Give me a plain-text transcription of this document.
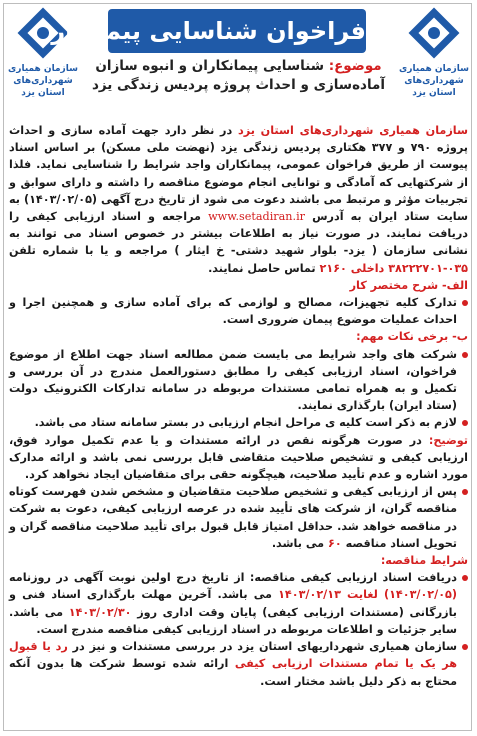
سازمان همیاری
شهرداری‌های
استان یزد
سازمان همیاری
شهرداری‌های
استان یزد
فراخوان شناسایی پیمانکار
موضوع: شناسایی پیمانکاران و انبوه سازان
آماده‌سازی و احداث پروژه پردیس زندگی یزد

سازمان همیاری شهرداری‌های استان یزد در نظر دارد جهت آماده سازی و احداث پروژه ۷۹۰ و ۳۷۷ هکتاری پردیس زندگی یزد (نهضت ملی مسکن) بر اساس اسناد پیوست از طریق فراخوان عمومی، پیمانکاران واجد شرایط را شناسایی نماید. فلذا از شرکتهایی که آمادگی و توانایی انجام موضوع مناقصه را داشته و دارای سوابق و تجربیات مؤثر و مرتبط می باشند دعوت می شود از تاریخ درج آگهی (۱۴۰۳/۰۲/۰۵) به سایت ستاد ایران به آدرس www.setadiran.ir مراجعه و اسناد ارزیابی کیفی را دریافت نمایند. در صورت نیاز به اطلاعات بیشتر در خصوص اسناد می توانند به نشانی سازمان ( یزد- بلوار شهید دشتی- خ ایثار ) مراجعه و یا با شماره تلفن ۰۳۵-۳۸۲۲۲۷۰۱ داخلی ۲۱۶۰ تماس حاصل نمایند.

الف- شرح مختصر کار

تدارک کلیه تجهیزات، مصالح و لوازمی که برای آماده سازی و همچنین اجرا و احداث عملیات موضوع پیمان ضروری است.

ب- برخی نکات مهم:

شرکت های واجد شرایط می بایست ضمن مطالعه اسناد جهت اطلاع از موضوع فراخوان، اسناد ارزیابی کیفی را مطابق دستورالعمل مندرج در آن بررسی و تکمیل و به همراه تمامی مستندات مربوطه در سامانه تدارکات الکترونیک دولت (ستاد ایران) بارگذاری نمایند.

لازم به ذکر است کلیه ی مراحل انجام ارزیابی در بستر سامانه ستاد می باشد.

توضیح: در صورت هرگونه نقص در ارائه مستندات و یا عدم تکمیل موارد فوق، ارزیابی کیفی و تشخیص صلاحیت متقاضی قابل بررسی نمی باشد و ارائه مدارک مورد اشاره و عدم تأیید صلاحیت، هیچگونه حقی برای متقاضیان ایجاد نخواهد کرد.

پس از ارزیابی کیفی و تشخیص صلاحیت متقاضیان و مشخص شدن فهرست کوتاه مناقصه گران، از شرکت های تأیید شده در عرصه ارزیابی کیفی، دعوت به شرکت در مناقصه خواهد شد. حداقل امتیاز قابل قبول برای تأیید صلاحیت مناقصه گران و تحویل اسناد مناقصه ۶۰ می باشد.

شرایط مناقصه:

دریافت اسناد ارزیابی کیفی مناقصه: از تاریخ درج اولین نوبت آگهی در روزنامه (۱۴۰۳/۰۲/۰۵) لغایت ۱۴۰۳/۰۲/۱۳ می باشد. آخرین مهلت بارگذاری اسناد فنی و بازرگانی (مستندات ارزیابی کیفی) پایان وقت اداری روز ۱۴۰۳/۰۲/۳۰ می باشد. سایر جزئیات و اطلاعات مربوطه در اسناد ارزیابی کیفی مناقصه مندرج است.

سازمان همیاری شهرداریهای استان یزد در بررسی مستندات و نیز در رد یا قبول هر یک یا تمام مستندات ارزیابی کیفی ارائه شده توسط شرکت ها بدون آنکه محتاج به ذکر دلیل باشد مختار است.
